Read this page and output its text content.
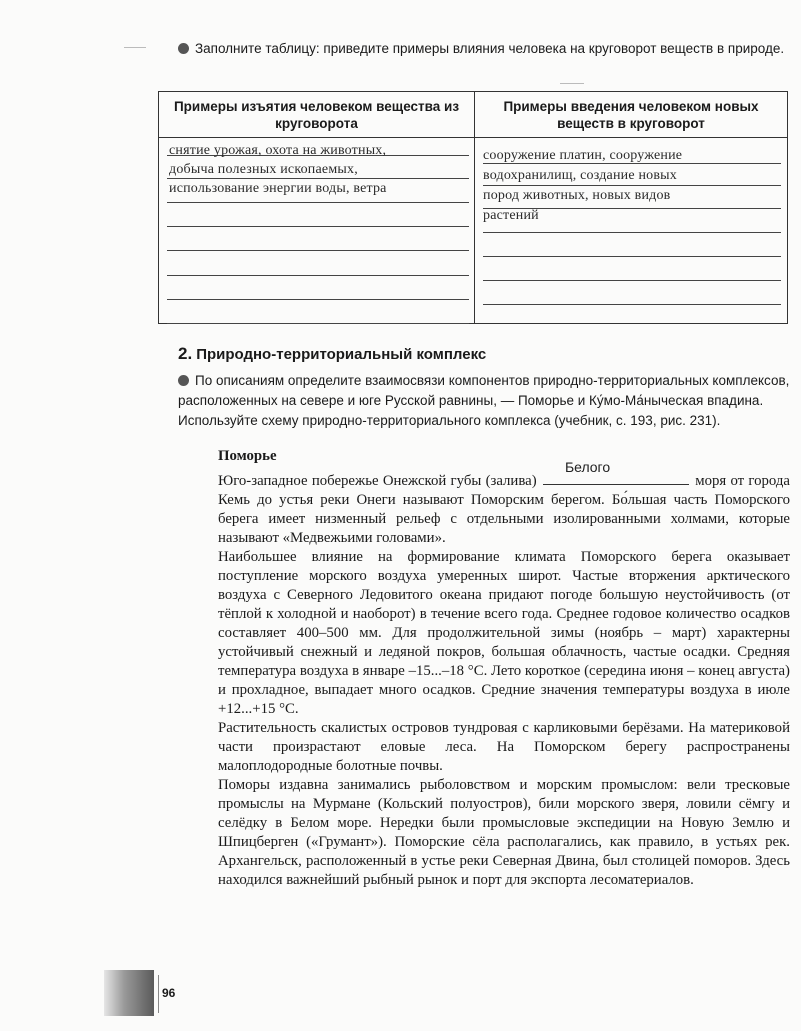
Заполните таблицу: приведите примеры влияния человека на круговорот веществ в природе.
Примеры изъятия человеком вещества из круговорота
снятие урожая, охота на животных,
добыча полезных ископаемых,
использование энергии воды, ветра
Примеры введения человеком новых веществ в круговорот
сооружение платин, сооружение
водохранилищ, создание новых
пород животных, новых видов
растений
2. Природно-территориальный комплекс
По описаниям определите взаимосвязи компонентов природно-территориальных комплексов, расположенных на севере и юге Русской равнины, — Поморье и Ку́мо-Ма́ныческая впадина. Используйте схему природно-территориального комплекса (учебник, с. 193, рис. 231).
Поморье

Юго-западное побережье Онежской губы (залива)
Белого
моря от города Кемь до устья реки Онеги называют Поморским берегом. Бо́льшая часть Поморского берега имеет низменный рельеф с отдельными изолированными холмами, которые называют «Медвежьими головами».

Наибольшее влияние на формирование климата Поморского берега оказывает поступление морского воздуха умеренных широт. Частые вторжения арктического воздуха с Северного Ледовитого океана придают погоде большую неустойчивость (от тёплой к холодной и наоборот) в течение всего года. Среднее годовое количество осадков составляет 400–500 мм. Для продолжительной зимы (ноябрь – март) характерны устойчивый снежный и ледяной покров, большая облачность, частые осадки. Средняя температура воздуха в январе –15...–18 °С. Лето короткое (середина июня – конец августа) и прохладное, выпадает много осадков. Средние значения температуры воздуха в июле +12...+15 °С.

Растительность скалистых островов тундровая с карликовыми берёзами. На материковой части произрастают еловые леса. На Поморском берегу распространены малоплодородные болотные почвы.

Поморы издавна занимались рыболовством и морским промыслом: вели тресковые промыслы на Мурмане (Кольский полуостров), били морского зверя, ловили сёмгу и селёдку в Белом море. Нередки были промысловые экспедиции на Новую Землю и Шпицберген («Грумант»). Поморские сёла располагались, как правило, в устьях рек. Архангельск, расположенный в устье реки Северная Двина, был столицей поморов. Здесь находился важнейший рыбный рынок и порт для экспорта лесоматериалов.

96
